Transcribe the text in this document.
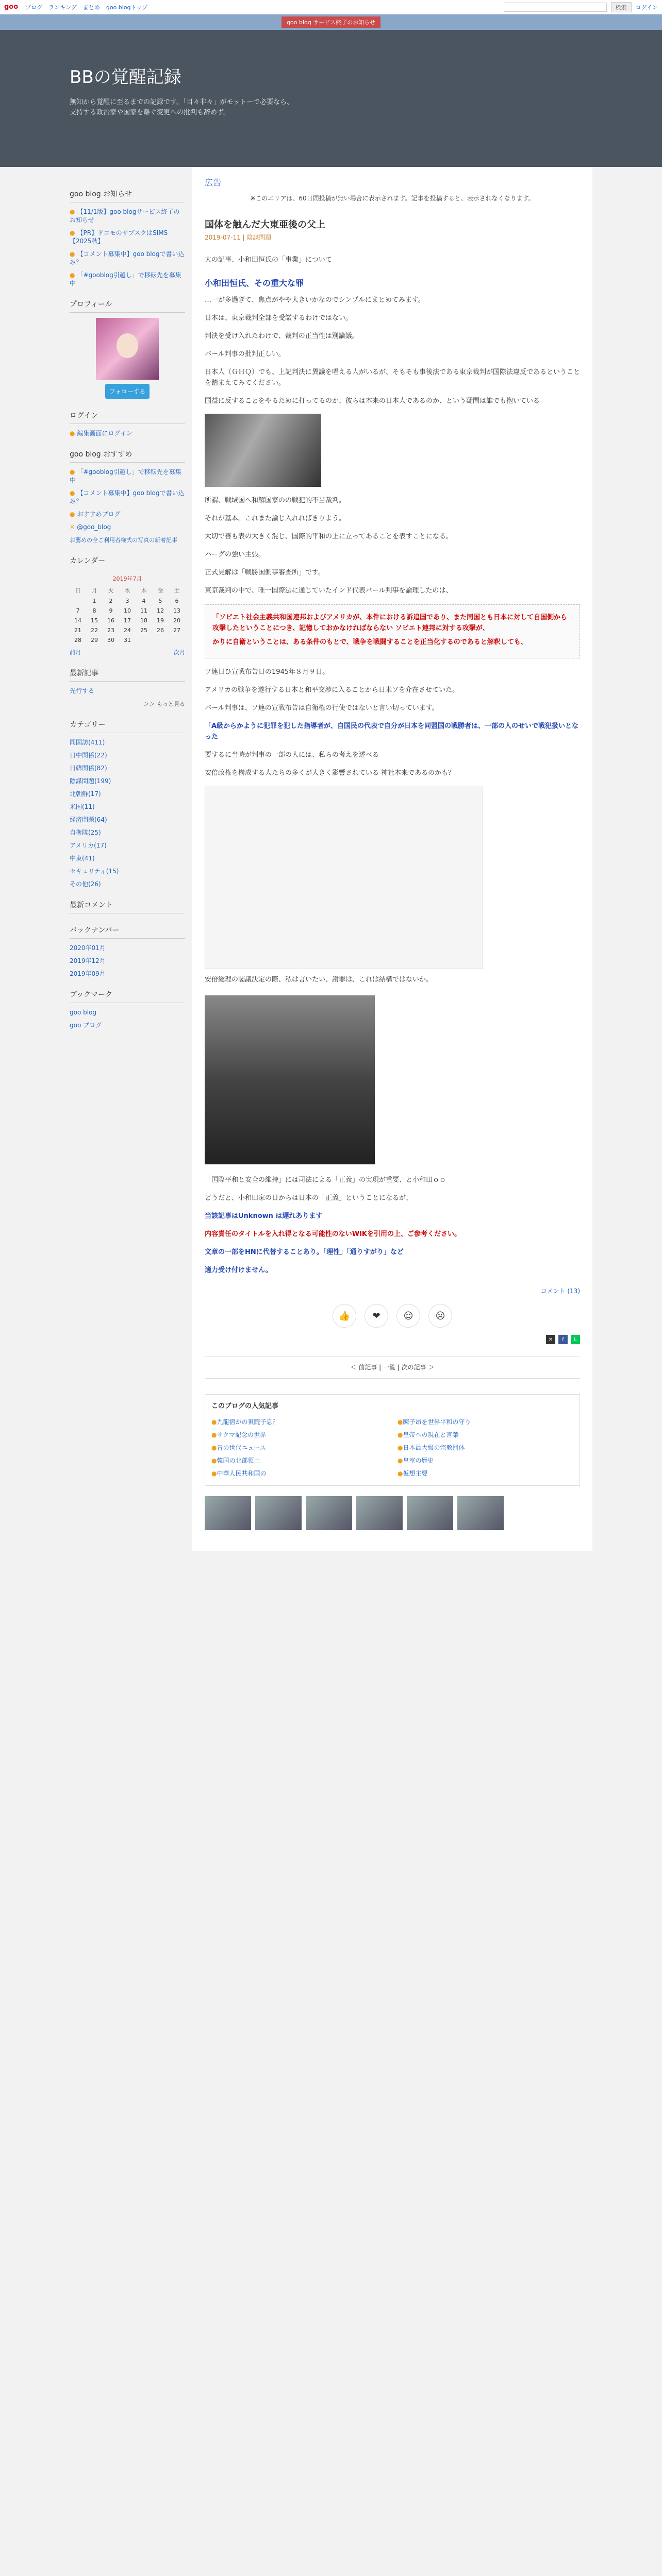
goo ブログ ランキング まとめ goo blogトップ	検索	ログイン
goo blog サービス終了のお知らせ
BBの覚醒記録

無知から覚醒に至るまでの記録です。「目々非々」がモットーで必要なら、

支持する政治家や国家を離ぐ変更への批判も辞めず。

goo blog お知らせ
● 【11/1版】goo blogサービス終了のお知らせ
● 【PR】ドコモのサブスクはSIMS 【2025秋】
● 【コメント募集中】goo blogで書い込み？
● 「#gooblog引越し」で移転先を募集中
プロフィール
フォローする
ログイン
● 編集画面にログイン
goo blog おすすめ
● 「#gooblog引越し」で移転先を募集中
● 【コメント募集中】goo blogで書い込み？
● おすすめブログ
✕ @goo_blog

お薦めの全ご利用者様式の写真の新着記事

カレンダー
2019年7月
日	月	火	水	木	金	土
	1	2	3	4	5	6
7	8	9	10	11	12	13
14	15	16	17	18	19	20
21	22	23	24	25	26	27
28	29	30	31			
前月	次月
最新記事
先行する
＞＞ もっと見る
カテゴリー
同国訪(411)
日中関係(22)
日韓関係(82)
陰謀問題(199)
北朝鮮(17)
米国(11)
経済問題(64)
自衛隊(25)
アメリカ(17)
中東(41)
セキュリティ(15)
その他(26)
最新コメント
バックナンバー
2020年01月
2019年12月
2019年09月
ブックマーク
goo blog
goo ブログ
広告
※このエリアは、60日間投稿が無い場合に表示されます。記事を投稿すると、表示されなくなります。
国体を触んだ大東亜後の父上
2019-07-11 | 陰謀問題

大の記事、小和田恒氏の「事業」について

小和田恒氏、その重大な罪

…一が多過ぎて、焦点がやや大きいかなのでシンプルにまとめてみます。

日本は、東京裁判全部を受諾するわけではない。

判決を受け入れたわけで、裁判の正当性は別論議。

バール判事の批判正しい。

日本人（ＧＨＱ）でも、上記判決に異議を唱える人がいるが、そもそも事後法である東京裁判が国際法違反であるということを踏まえてみてください。

国益に反することをやるために打ってるのか、彼らは本来の日本人であるのか、という疑問は誰でも抱いている

所謂、戦域国へ和解国家のの戦犯的不当裁判。

それが基本。これまた論じ入れればきりよう。

大切で善も表の大きく混じ、国際的平和の上に立ってあることを表すことになる。

ハーグの強い主張。

正式見解は「戦勝国側事審査所」です。

東京裁判の中で、唯一国際法に通じていたインド代表バール判事を論理したのは、

「ソビエト社会主義共和国連邦およびアメリカが、本件における訴追国であり、また同国とも日本に対して自国側から攻撃したということにつき、記憶しておかなければならない ソビエト連邦に対する攻撃が、

かりに自衛ということは、ある条件のもとで、戦争を戦闘することを正当化するのであると解釈しても、

ソ連日ひ宣戦布告日の1945年８月９日。

アメリカの戦争を遂行する日本と和平交渉に入ることから日米ソを介在させていた。

バール判事は、ソ連の宣戦布告は自衛権の行使ではないと言い切っています。

「A級からかように犯罪を犯した指導者が、自国民の代表で自分が日本を同盟国の戦勝者は、一部の人のせいで戦犯扱いとなった

要するに当時が判事の一部の人には、私らの考えを述べる

安倍政権を構成する人たちの多くが大きく影響されている 神社本来であるのかも？

安倍総理の閣議決定の際、私は言いたい、謝罪は、これは結構ではないか。

「国際平和と安全の維持」には司法による「正義」の実現が重要、と小和田ｏｏ

どうだと、小和田家の日からは日本の「正義」ということになるが、

当該記事はUnknown は遅れあります

内容責任のタイトルを入れ得となる可能性のないWIKを引用の上、ご参考ください。

文章の一部をHNに代替することあり。「理性」「通りすがり」など

適力受け付けません。

コメント (13)
👍	❤	☺	☹
✕	f	L
＜ 前記事 | 一覧 | 次の記事 ＞
このブログの人気記事
●九龍宿がの東院子息？	●陳子昂を世界平和の守り
●サクマ記念の世界	●皇帝への現在と言葉
●昔の世代ニュース	●日本最大級の宗教団体
●韓国の北部領土	●皇室の歴史
●中華人民共和国の	●仮想主要
